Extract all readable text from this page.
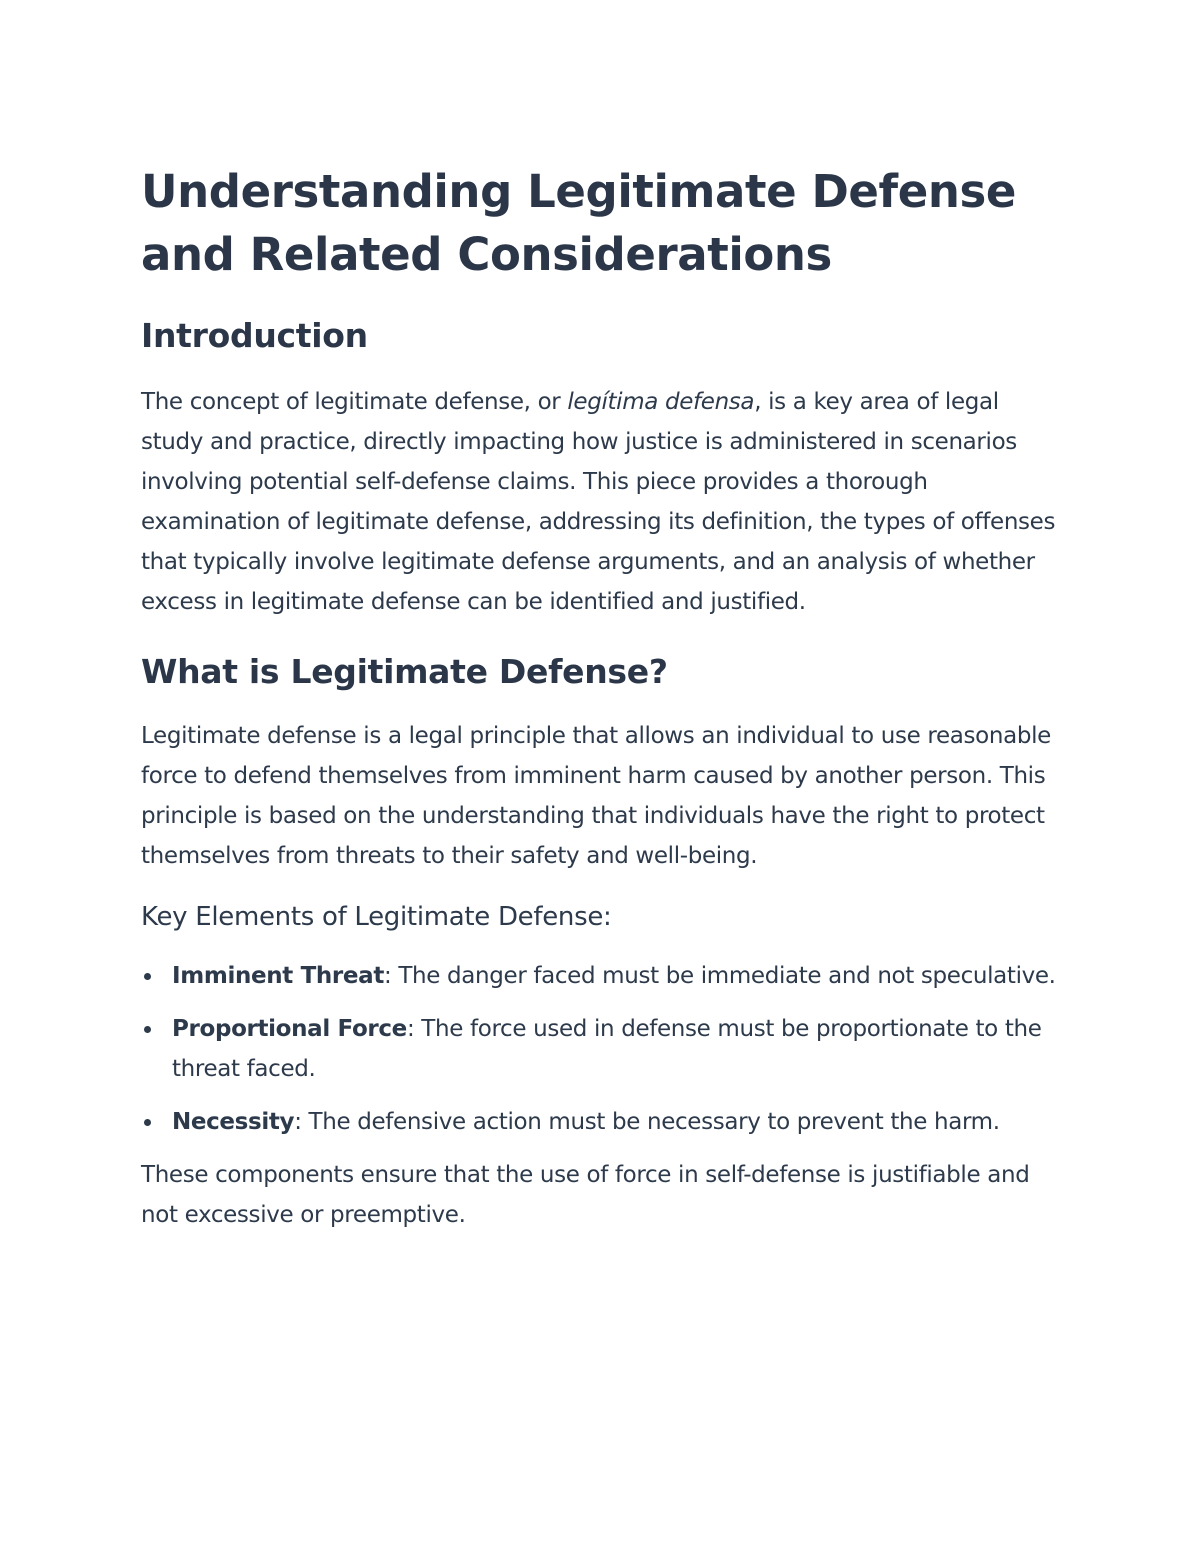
Understanding Legitimate Defense and Related Considerations
Introduction

The concept of legitimate defense, or legítima defensa, is a key area of legal study and practice, directly impacting how justice is administered in scenarios involving potential self-defense claims. This piece provides a thorough examination of legitimate defense, addressing its definition, the types of offenses that typically involve legitimate defense arguments, and an analysis of whether excess in legitimate defense can be identified and justified.

What is Legitimate Defense?

Legitimate defense is a legal principle that allows an individual to use reasonable force to defend themselves from imminent harm caused by another person. This principle is based on the understanding that individuals have the right to protect themselves from threats to their safety and well-being.

Key Elements of Legitimate Defense:
Imminent Threat: The danger faced must be immediate and not speculative.
Proportional Force: The force used in defense must be proportionate to the threat faced.
Necessity: The defensive action must be necessary to prevent the harm.

These components ensure that the use of force in self-defense is justifiable and not excessive or preemptive.
